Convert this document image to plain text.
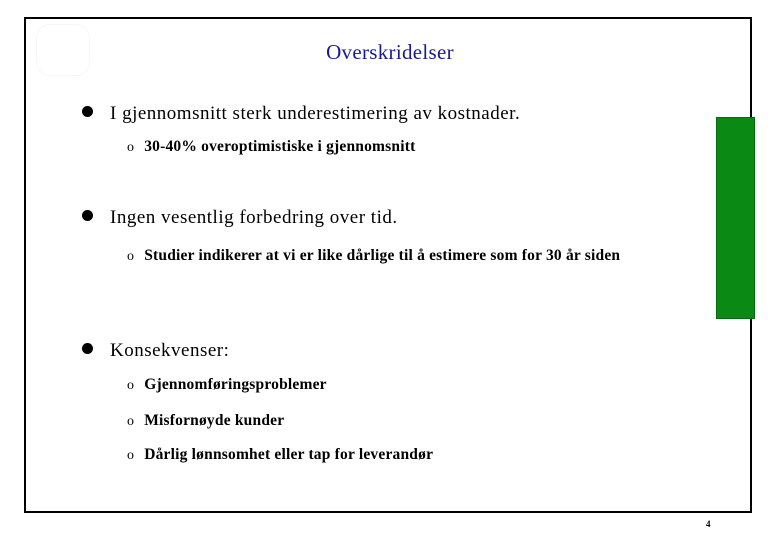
Overskridelser
I gjennomsnitt sterk underestimering av kostnader.
o 30-40% overoptimistiske i gjennomsnitt
Ingen vesentlig forbedring over tid.
o Studier indikerer at vi er like dårlige til å estimere som for 30 år siden
Konsekvenser:
o Gjennomføringsproblemer
o Misfornøyde kunder
o Dårlig lønnsomhet eller tap for leverandør
4
